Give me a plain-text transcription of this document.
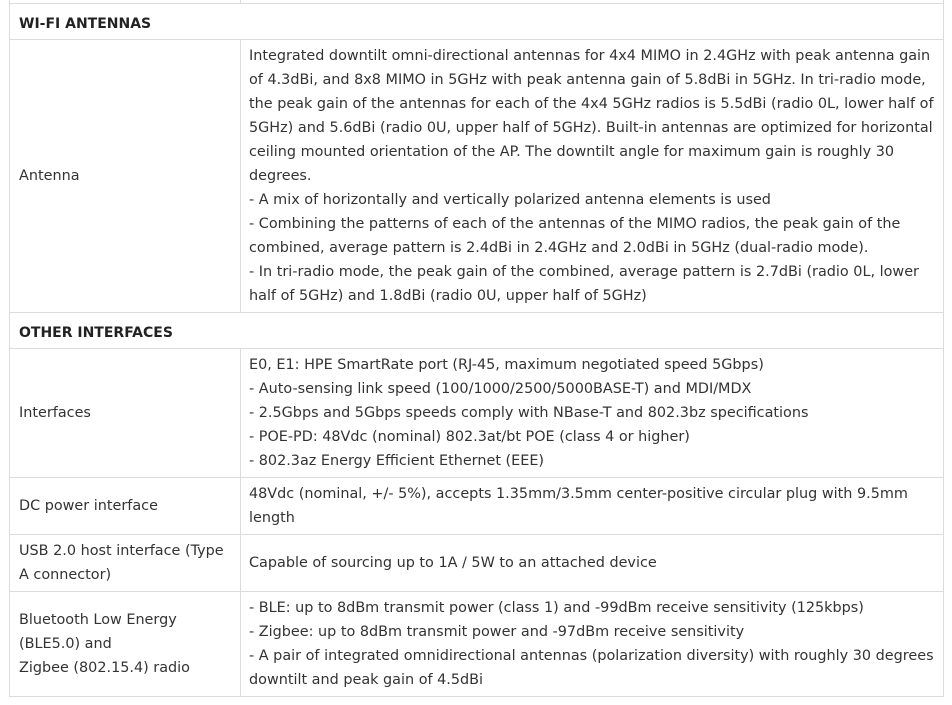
WI-FI ANTENNAS	
Antenna	Integrated downtilt omni-directional antennas for 4x4 MIMO in 2.4GHz with peak antenna gain of 4.3dBi, and 8x8 MIMO in 5GHz with peak antenna gain of 5.8dBi in 5GHz. In tri-radio mode, the peak gain of the antennas for each of the 4x4 5GHz radios is 5.5dBi (radio 0L, lower half of 5GHz) and 5.6dBi (radio 0U, upper half of 5GHz). Built-in antennas are optimized for horizontal ceiling mounted orientation of the AP. The downtilt angle for maximum gain is roughly 30 degrees.
- A mix of horizontally and vertically polarized antenna elements is used
- Combining the patterns of each of the antennas of the MIMO radios, the peak gain of the combined, average pattern is 2.4dBi in 2.4GHz and 2.0dBi in 5GHz (dual-radio mode).
- In tri-radio mode, the peak gain of the combined, average pattern is 2.7dBi (radio 0L, lower half of 5GHz) and 1.8dBi (radio 0U, upper half of 5GHz)

OTHER INTERFACES	
Interfaces	E0, E1: HPE SmartRate port (RJ-45, maximum negotiated speed 5Gbps)
- Auto-sensing link speed (100/1000/2500/5000BASE-T) and MDI/MDX
- 2.5Gbps and 5Gbps speeds comply with NBase-T and 802.3bz specifications
- POE-PD: 48Vdc (nominal) 802.3at/bt POE (class 4 or higher)
- 802.3az Energy Efficient Ethernet (EEE)

DC power interface	48Vdc (nominal, +/- 5%), accepts 1.35mm/3.5mm center-positive circular plug with 9.5mm length

USB 2.0 host interface (Type A connector)	Capable of sourcing up to 1A / 5W to an attached device

Bluetooth Low Energy (BLE5.0) and
Zigbee (802.15.4) radio	- BLE: up to 8dBm transmit power (class 1) and -99dBm receive sensitivity (125kbps)
- Zigbee: up to 8dBm transmit power and -97dBm receive sensitivity
- A pair of integrated omnidirectional antennas (polarization diversity) with roughly 30 degrees downtilt and peak gain of 4.5dBi
